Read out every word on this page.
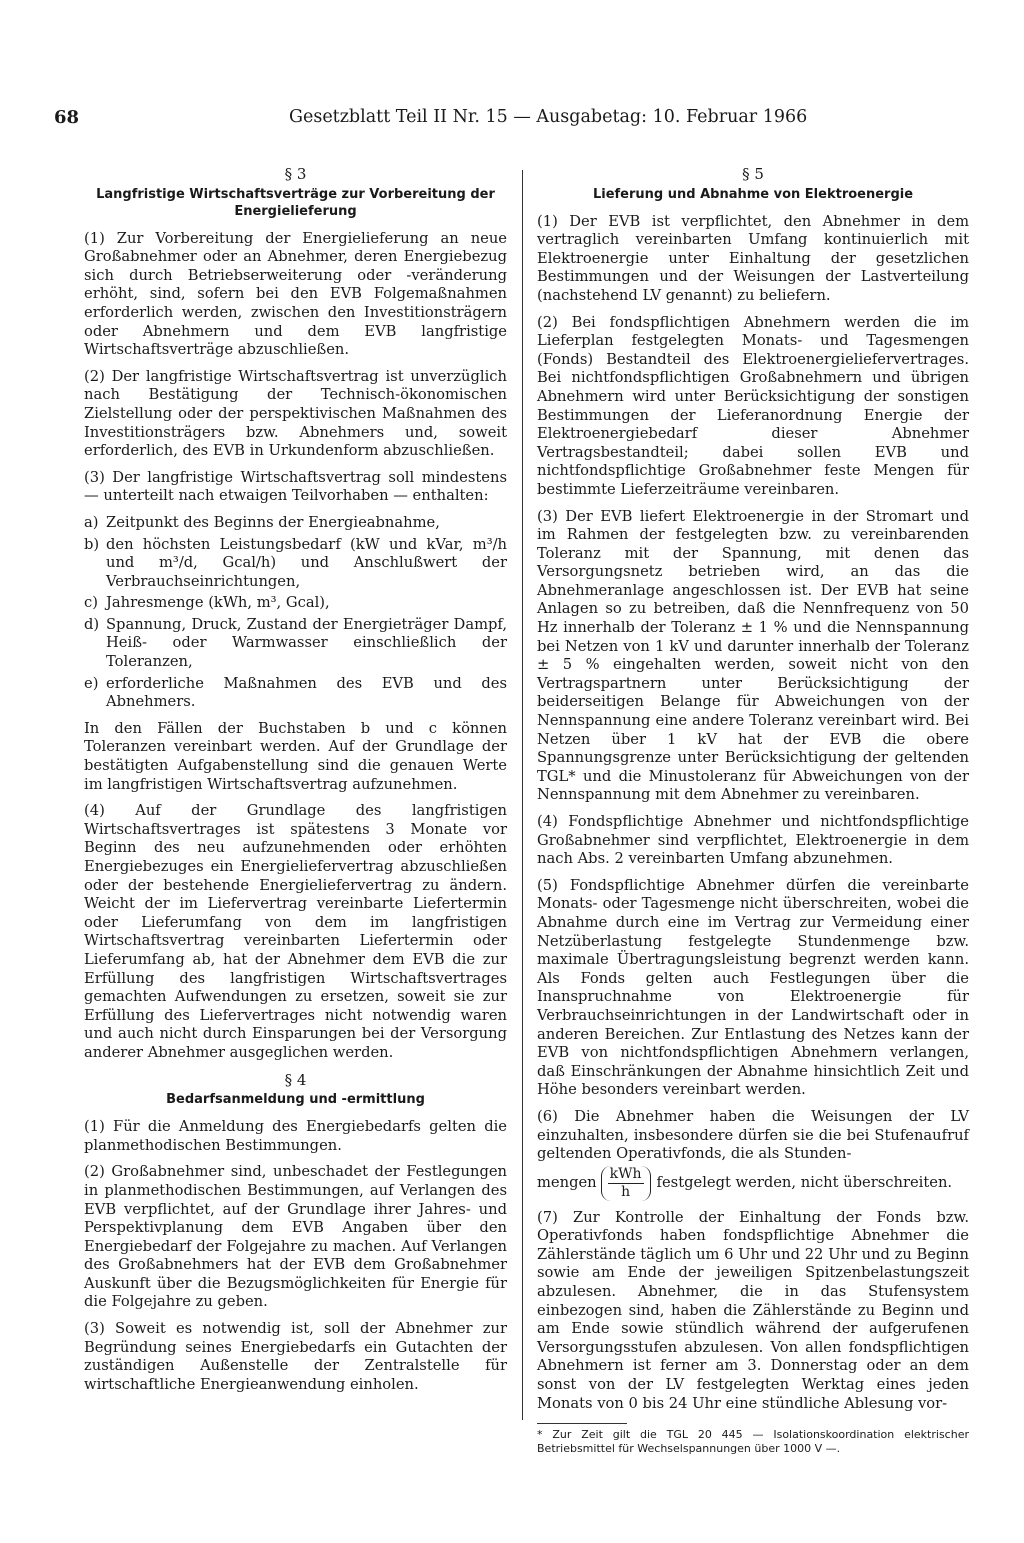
68	Gesetzblatt Teil II Nr. 15 — Ausgabetag: 10. Februar 1966

§ 3

Langfristige Wirtschaftsverträge zur Vorbereitung der Energielieferung

(1) Zur Vorbereitung der Energielieferung an neue Großabnehmer oder an Abnehmer, deren Energiebezug sich durch Betriebserweiterung oder -veränderung erhöht, sind, sofern bei den EVB Folgemaßnahmen erforderlich werden, zwischen den Investitionsträgern oder Abnehmern und dem EVB langfristige Wirtschaftsverträge abzuschließen.

(2) Der langfristige Wirtschaftsvertrag ist unverzüglich nach Bestätigung der Technisch-ökonomischen Zielstellung oder der perspektivischen Maßnahmen des Investitionsträgers bzw. Abnehmers und, soweit erforderlich, des EVB in Urkundenform abzuschließen.

(3) Der langfristige Wirtschaftsvertrag soll mindestens — unterteilt nach etwaigen Teilvorhaben — enthalten:

a) Zeitpunkt des Beginns der Energieabnahme,
b) den höchsten Leistungsbedarf (kW und kVar, m³/h und m³/d, Gcal/h) und Anschlußwert der Verbrauchseinrichtungen,
c) Jahresmenge (kWh, m³, Gcal),
d) Spannung, Druck, Zustand der Energieträger Dampf, Heiß- oder Warmwasser einschließlich der Toleranzen,
e) erforderliche Maßnahmen des EVB und des Abnehmers.

In den Fällen der Buchstaben b und c können Toleranzen vereinbart werden. Auf der Grundlage der bestätigten Aufgabenstellung sind die genauen Werte im langfristigen Wirtschaftsvertrag aufzunehmen.

(4) Auf der Grundlage des langfristigen Wirtschaftsvertrages ist spätestens 3 Monate vor Beginn des neu aufzunehmenden oder erhöhten Energiebezuges ein Energieliefervertrag abzuschließen oder der bestehende Energieliefervertrag zu ändern. Weicht der im Liefervertrag vereinbarte Liefertermin oder Lieferumfang von dem im langfristigen Wirtschaftsvertrag vereinbarten Liefertermin oder Lieferumfang ab, hat der Abnehmer dem EVB die zur Erfüllung des langfristigen Wirtschaftsvertrages gemachten Aufwendungen zu ersetzen, soweit sie zur Erfüllung des Liefervertrages nicht notwendig waren und auch nicht durch Einsparungen bei der Versorgung anderer Abnehmer ausgeglichen werden.

§ 4

Bedarfsanmeldung und -ermittlung

(1) Für die Anmeldung des Energiebedarfs gelten die planmethodischen Bestimmungen.

(2) Großabnehmer sind, unbeschadet der Festlegungen in planmethodischen Bestimmungen, auf Verlangen des EVB verpflichtet, auf der Grundlage ihrer Jahres- und Perspektivplanung dem EVB Angaben über den Energiebedarf der Folgejahre zu machen. Auf Verlangen des Großabnehmers hat der EVB dem Großabnehmer Auskunft über die Bezugsmöglichkeiten für Energie für die Folgejahre zu geben.

(3) Soweit es notwendig ist, soll der Abnehmer zur Begründung seines Energiebedarfs ein Gutachten der zuständigen Außenstelle der Zentralstelle für wirtschaftliche Energieanwendung einholen.

§ 5

Lieferung und Abnahme von Elektroenergie

(1) Der EVB ist verpflichtet, den Abnehmer in dem vertraglich vereinbarten Umfang kontinuierlich mit Elektroenergie unter Einhaltung der gesetzlichen Bestimmungen und der Weisungen der Lastverteilung (nachstehend LV genannt) zu beliefern.

(2) Bei fondspflichtigen Abnehmern werden die im Lieferplan festgelegten Monats- und Tagesmengen (Fonds) Bestandteil des Elektroenergieliefervertrages. Bei nichtfondspflichtigen Großabnehmern und übrigen Abnehmern wird unter Berücksichtigung der sonstigen Bestimmungen der Lieferanordnung Energie der Elektroenergiebedarf dieser Abnehmer Vertragsbestandteil; dabei sollen EVB und nichtfondspflichtige Großabnehmer feste Mengen für bestimmte Lieferzeiträume vereinbaren.

(3) Der EVB liefert Elektroenergie in der Stromart und im Rahmen der festgelegten bzw. zu vereinbarenden Toleranz mit der Spannung, mit denen das Versorgungsnetz betrieben wird, an das die Abnehmeranlage angeschlossen ist. Der EVB hat seine Anlagen so zu betreiben, daß die Nennfrequenz von 50 Hz innerhalb der Toleranz ± 1 % und die Nennspannung bei Netzen von 1 kV und darunter innerhalb der Toleranz ± 5 % eingehalten werden, soweit nicht von den Vertragspartnern unter Berücksichtigung der beiderseitigen Belange für Abweichungen von der Nennspannung eine andere Toleranz vereinbart wird. Bei Netzen über 1 kV hat der EVB die obere Spannungsgrenze unter Berücksichtigung der geltenden TGL* und die Minustoleranz für Abweichungen von der Nennspannung mit dem Abnehmer zu vereinbaren.

(4) Fondspflichtige Abnehmer und nichtfondspflichtige Großabnehmer sind verpflichtet, Elektroenergie in dem nach Abs. 2 vereinbarten Umfang abzunehmen.

(5) Fondspflichtige Abnehmer dürfen die vereinbarte Monats- oder Tagesmenge nicht überschreiten, wobei die Abnahme durch eine im Vertrag zur Vermeidung einer Netzüberlastung festgelegte Stundenmenge bzw. maximale Übertragungsleistung begrenzt werden kann. Als Fonds gelten auch Festlegungen über die Inanspruchnahme von Elektroenergie für Verbrauchseinrichtungen in der Landwirtschaft oder in anderen Bereichen. Zur Entlastung des Netzes kann der EVB von nichtfondspflichtigen Abnehmern verlangen, daß Einschränkungen der Abnahme hinsichtlich Zeit und Höhe besonders vereinbart werden.

(6) Die Abnehmer haben die Weisungen der LV einzuhalten, insbesondere dürfen sie die bei Stufenaufruf geltenden Operativfonds, die als Stunden-

mengen $\frac{\text{kWh}}{h}$ festgelegt werden, nicht überschreiten.

(7) Zur Kontrolle der Einhaltung der Fonds bzw. Operativfonds haben fondspflichtige Abnehmer die Zählerstände täglich um 6 Uhr und 22 Uhr und zu Beginn sowie am Ende der jeweiligen Spitzenbelastungszeit abzulesen. Abnehmer, die in das Stufensystem einbezogen sind, haben die Zählerstände zu Beginn und am Ende sowie stündlich während der aufgerufenen Versorgungsstufen abzulesen. Von allen fondspflichtigen Abnehmern ist ferner am 3. Donnerstag oder an dem sonst von der LV festgelegten Werktag eines jeden Monats von 0 bis 24 Uhr eine stündliche Ablesung vor-

* Zur Zeit gilt die TGL 20 445 — Isolationskoordination elektrischer Betriebsmittel für Wechselspannungen über 1000 V —.
